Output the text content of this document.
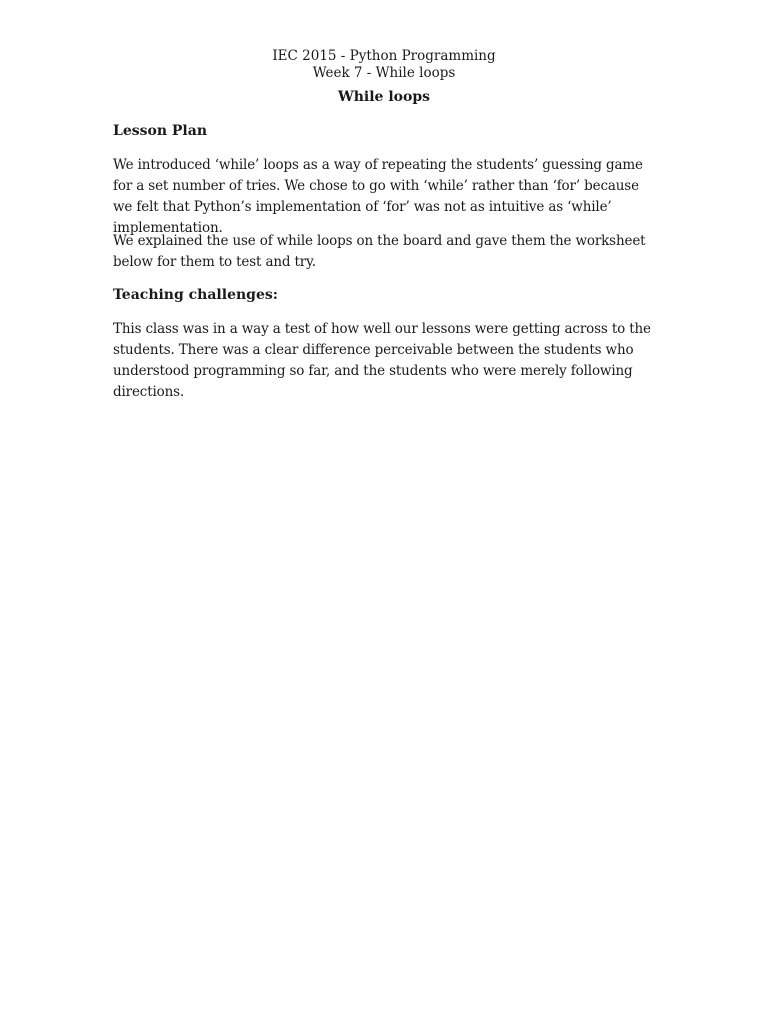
IEC 2015 - Python Programming
Week 7 - While loops
While loops
Lesson Plan
We introduced ‘while’ loops as a way of repeating the students’ guessing game for a set number of tries. We chose to go with ‘while’ rather than ‘for’ because we felt that Python’s implementation of ‘for’ was not as intuitive as ‘while’ implementation.
We explained the use of while loops on the board and gave them the worksheet below for them to test and try.
Teaching challenges:
This class was in a way a test of how well our lessons were getting across to the students. There was a clear difference perceivable between the students who understood programming so far, and the students who were merely following directions.
